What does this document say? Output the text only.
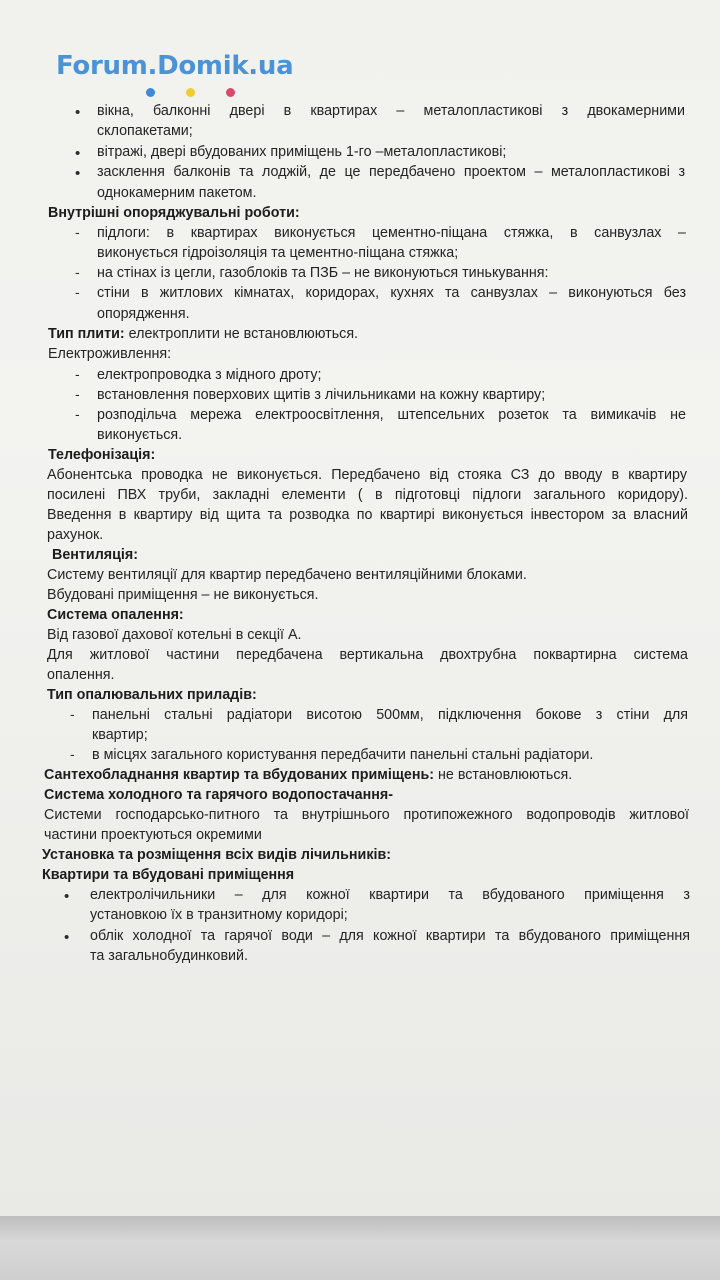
Forum.Domik.ua
• вікна, балконні двері в квартирах – металопластикові з двокамерними
склопакетами;
• вітражі, двері вбудованих приміщень 1-го –металопластикові;
• засклення балконів та лоджій, де це передбачено проектом – металопластикові з
однокамерним пакетом.
Внутрішні опоряджувальні роботи:
- підлоги: в квартирах виконується цементно-піщана стяжка, в санвузлах –
виконується гідроізоляція та цементно-піщана стяжка;
- на стінах із цегли, газоблоків та ПЗБ – не виконуються тинькування:
- стіни в житлових кімнатах, коридорах, кухнях та санвузлах – виконуються без
опорядження.
Тип плити: електроплити не встановлюються.
Електроживлення:
- електропроводка з мідного дроту;
- встановлення поверхових щитів з лічильниками на кожну квартиру;
- розподільча мережа електроосвітлення, штепсельних розеток та вимикачів не
виконується.
Телефонізація:
Абонентська проводка не виконується. Передбачено від стояка СЗ до вводу в квартиру
посилені ПВХ труби, закладні елементи ( в підготовці підлоги загального коридору).
Введення в квартиру від щита та розводка по квартирі виконується інвестором за власний
рахунок.
Вентиляція:
Систему вентиляції для квартир передбачено вентиляційними блоками.
Вбудовані приміщення – не виконується.
Система опалення:
Від газової дахової котельні в секції А.
Для житлової частини передбачена вертикальна двохтрубна поквартирна система
опалення.
Тип опалювальних приладів:
- панельні стальні радіатори висотою 500мм, підключення бокове з стіни для
квартир;
- в місцях загального користування передбачити панельні стальні радіатори.
Сантехобладнання квартир та вбудованих приміщень: не встановлюються.
Система холодного та гарячого водопостачання-
Системи господарсько-питного та внутрішнього протипожежного водопроводів житлової
частини проектуються окремими
Установка та розміщення всіх видів лічильників:
Квартири та вбудовані приміщення
• електролічильники – для кожної квартири та вбудованого приміщення з
установкою їх в транзитному коридорі;
• облік холодної та гарячої води – для кожної квартири та вбудованого приміщення
та загальнобудинковий.
